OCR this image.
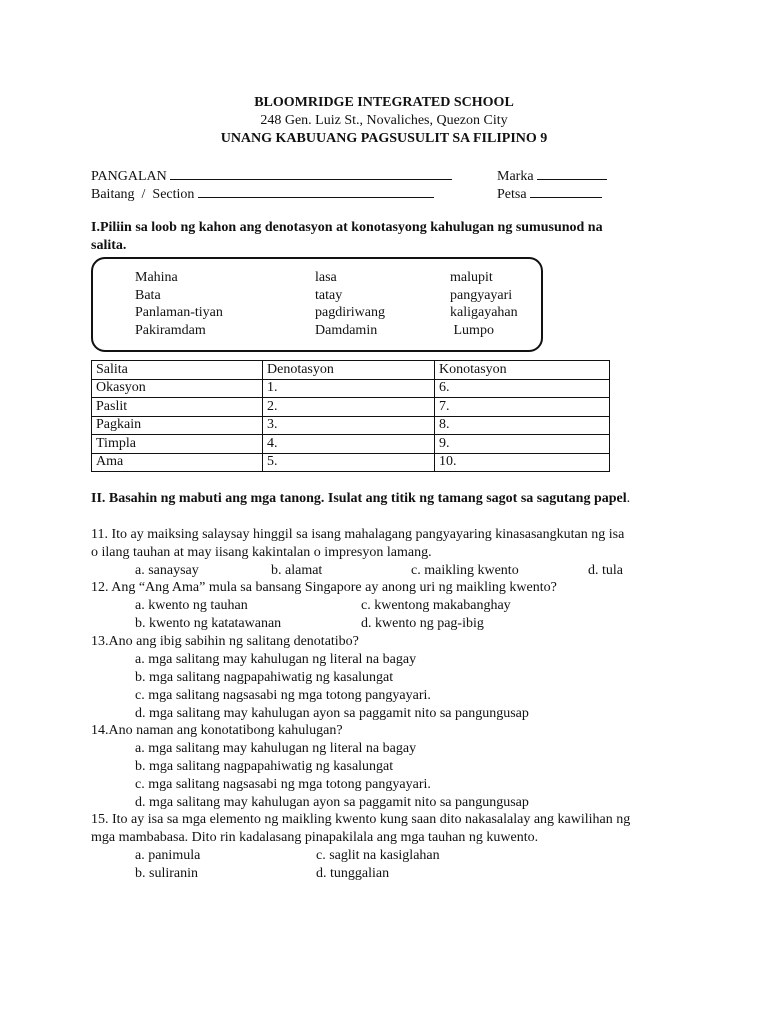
BLOOMRIDGE INTEGRATED SCHOOL
248 Gen. Luiz St., Novaliches, Quezon City
UNANG KABUUANG PAGSUSULIT SA FILIPINO 9
PANGALAN
Baitang  /  Section
Marka
Petsa
I.Piliin sa loob ng kahon ang denotasyon at konotasyong kahulugan ng sumusunod na
salita.
Mahina	lasa	malupit
Bata	tatay	pangyayari
Panlaman-tiyan	pagdiriwang	kaligayahan
Pakiramdam	Damdamin	Lumpo
Salita	Denotasyon	Konotasyon
Okasyon	1.	6.
Paslit	2.	7.
Pagkain	3.	8.
Timpla	4.	9.
Ama	5.	10.
II. Basahin ng mabuti ang mga tanong. Isulat ang titik ng tamang sagot sa sagutang papel.
11. Ito ay maiksing salaysay hinggil sa isang mahalagang pangyayaring kinasasangkutan ng isa
o ilang tauhan at may iisang kakintalan o impresyon lamang.
a. sanaysay	b. alamat	c. maikling kwento	d. tula
12. Ang “Ang Ama” mula sa bansang Singapore ay anong uri ng maikling kwento?
a. kwento ng tauhan	c. kwentong makabanghay
b. kwento ng katatawanan	d. kwento ng pag-ibig
13.Ano ang ibig sabihin ng salitang denotatibo?
a. mga salitang may kahulugan ng literal na bagay
b. mga salitang nagpapahiwatig ng kasalungat
c. mga salitang nagsasabi ng mga totong pangyayari.
d. mga salitang may kahulugan ayon sa paggamit nito sa pangungusap
14.Ano naman ang konotatibong kahulugan?
a. mga salitang may kahulugan ng literal na bagay
b. mga salitang nagpapahiwatig ng kasalungat
c. mga salitang nagsasabi ng mga totong pangyayari.
d. mga salitang may kahulugan ayon sa paggamit nito sa pangungusap
15. Ito ay isa sa mga elemento ng maikling kwento kung saan dito nakasalalay ang kawilihan ng
mga mambabasa. Dito rin kadalasang pinapakilala ang mga tauhan ng kuwento.
a. panimula	c. saglit na kasiglahan
b. suliranin	d. tunggalian
